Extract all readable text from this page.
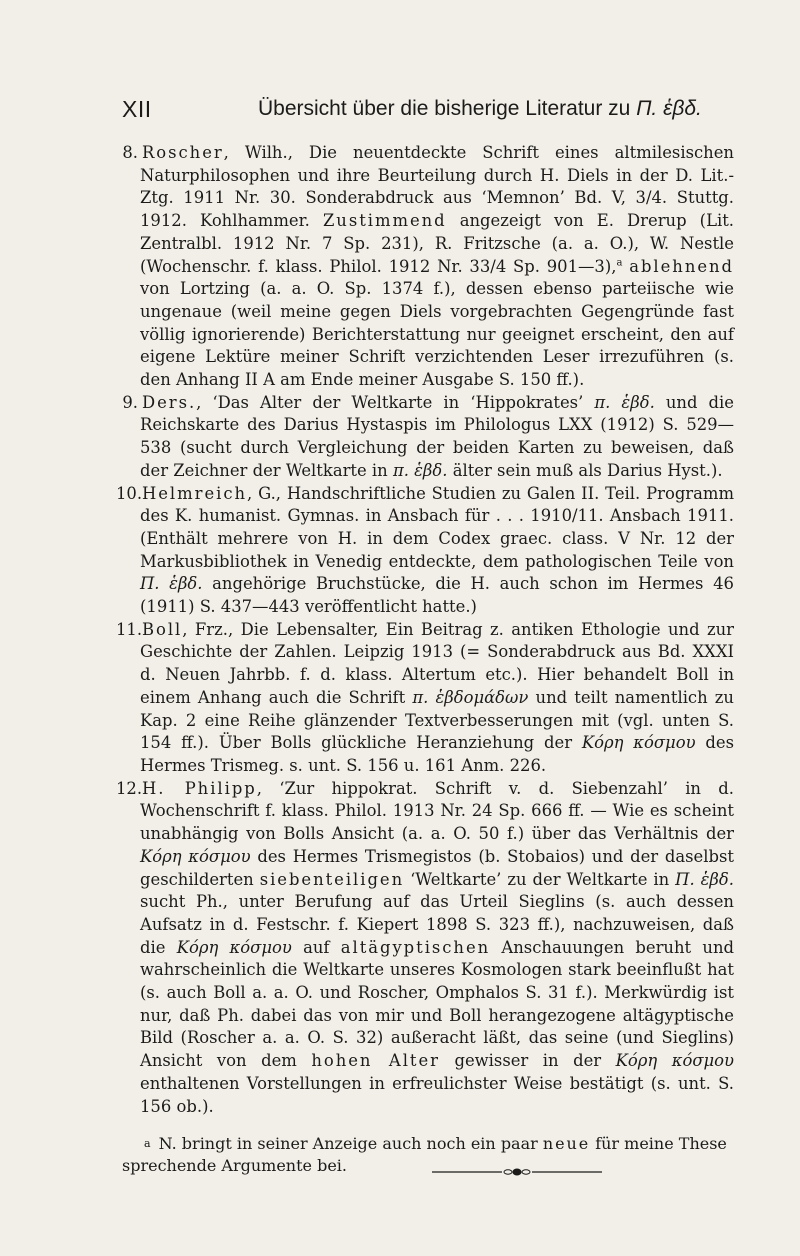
XII	Übersicht über die bisherige Literatur zu Π. ἑβδ.
8. Roscher, Wilh., Die neuentdeckte Schrift eines altmilesischen Naturphilosophen und ihre Beurteilung durch H. Diels in der D. Lit.-Ztg. 1911 Nr. 30. Sonderabdruck aus ‘Memnon’ Bd. V, 3/4. Stuttg. 1912. Kohlhammer. Zustimmend angezeigt von E. Drerup (Lit. Zentralbl. 1912 Nr. 7 Sp. 231), R. Fritzsche (a. a. O.), W. Nestle (Wochenschr. f. klass. Philol. 1912 Nr. 33/4 Sp. 901—3),$^a$ ablehnend von Lortzing (a. a. O. Sp. 1374 f.), dessen ebenso parteiische wie ungenaue (weil meine gegen Diels vorgebrachten Gegengründe fast völlig ignorierende) Berichterstattung nur geeignet erscheint, den auf eigene Lektüre meiner Schrift verzichtenden Leser irrezuführen (s. den Anhang II A am Ende meiner Ausgabe S. 150 ff.).
9. Ders., ‘Das Alter der Weltkarte in ‘Hippokrates’ π. ἑβδ. und die Reichskarte des Darius Hystaspis im Philologus LXX (1912) S. 529—538 (sucht durch Vergleichung der beiden Karten zu beweisen, daß der Zeichner der Weltkarte in π. ἑβδ. älter sein muß als Darius Hyst.).
10. Helmreich, G., Handschriftliche Studien zu Galen II. Teil. Programm des K. humanist. Gymnas. in Ansbach für . . . 1910/11. Ansbach 1911. (Enthält mehrere von H. in dem Codex graec. class. V Nr. 12 der Markusbibliothek in Venedig entdeckte, dem pathologischen Teile von Π. ἑβδ. angehörige Bruchstücke, die H. auch schon im Hermes 46 (1911) S. 437—443 veröffentlicht hatte.)
11. Boll, Frz., Die Lebensalter, Ein Beitrag z. antiken Ethologie und zur Geschichte der Zahlen. Leipzig 1913 (= Sonderabdruck aus Bd. XXXI d. Neuen Jahrbb. f. d. klass. Altertum etc.). Hier behandelt Boll in einem Anhang auch die Schrift π. ἑβδομάδων und teilt namentlich zu Kap. 2 eine Reihe glänzender Textverbesserungen mit (vgl. unten S. 154 ff.). Über Bolls glückliche Heranziehung der Κόρη κόσμου des Hermes Trismeg. s. unt. S. 156 u. 161 Anm. 226.
12. H. Philipp, ‘Zur hippokrat. Schrift v. d. Siebenzahl’ in d. Wochenschrift f. klass. Philol. 1913 Nr. 24 Sp. 666 ff. — Wie es scheint unabhängig von Bolls Ansicht (a. a. O. 50 f.) über das Verhältnis der Κόρη κόσμου des Hermes Trismegistos (b. Stobaios) und der daselbst geschilderten siebenteiligen ‘Weltkarte’ zu der Weltkarte in Π. ἑβδ. sucht Ph., unter Berufung auf das Urteil Sieglins (s. auch dessen Aufsatz in d. Festschr. f. Kiepert 1898 S. 323 ff.), nachzuweisen, daß die Κόρη κόσμου auf altägyptischen Anschauungen beruht und wahrscheinlich die Weltkarte unseres Kosmologen stark beeinflußt hat (s. auch Boll a. a. O. und Roscher, Omphalos S. 31 f.). Merkwürdig ist nur, daß Ph. dabei das von mir und Boll herangezogene altägyptische Bild (Roscher a. a. O. S. 32) außeracht läßt, das seine (und Sieglins) Ansicht von dem hohen Alter gewisser in der Κόρη κόσμου enthaltenen Vorstellungen in erfreulichster Weise bestätigt (s. unt. S. 156 ob.).
a N. bringt in seiner Anzeige auch noch ein paar neue für meine These sprechende Argumente bei.
